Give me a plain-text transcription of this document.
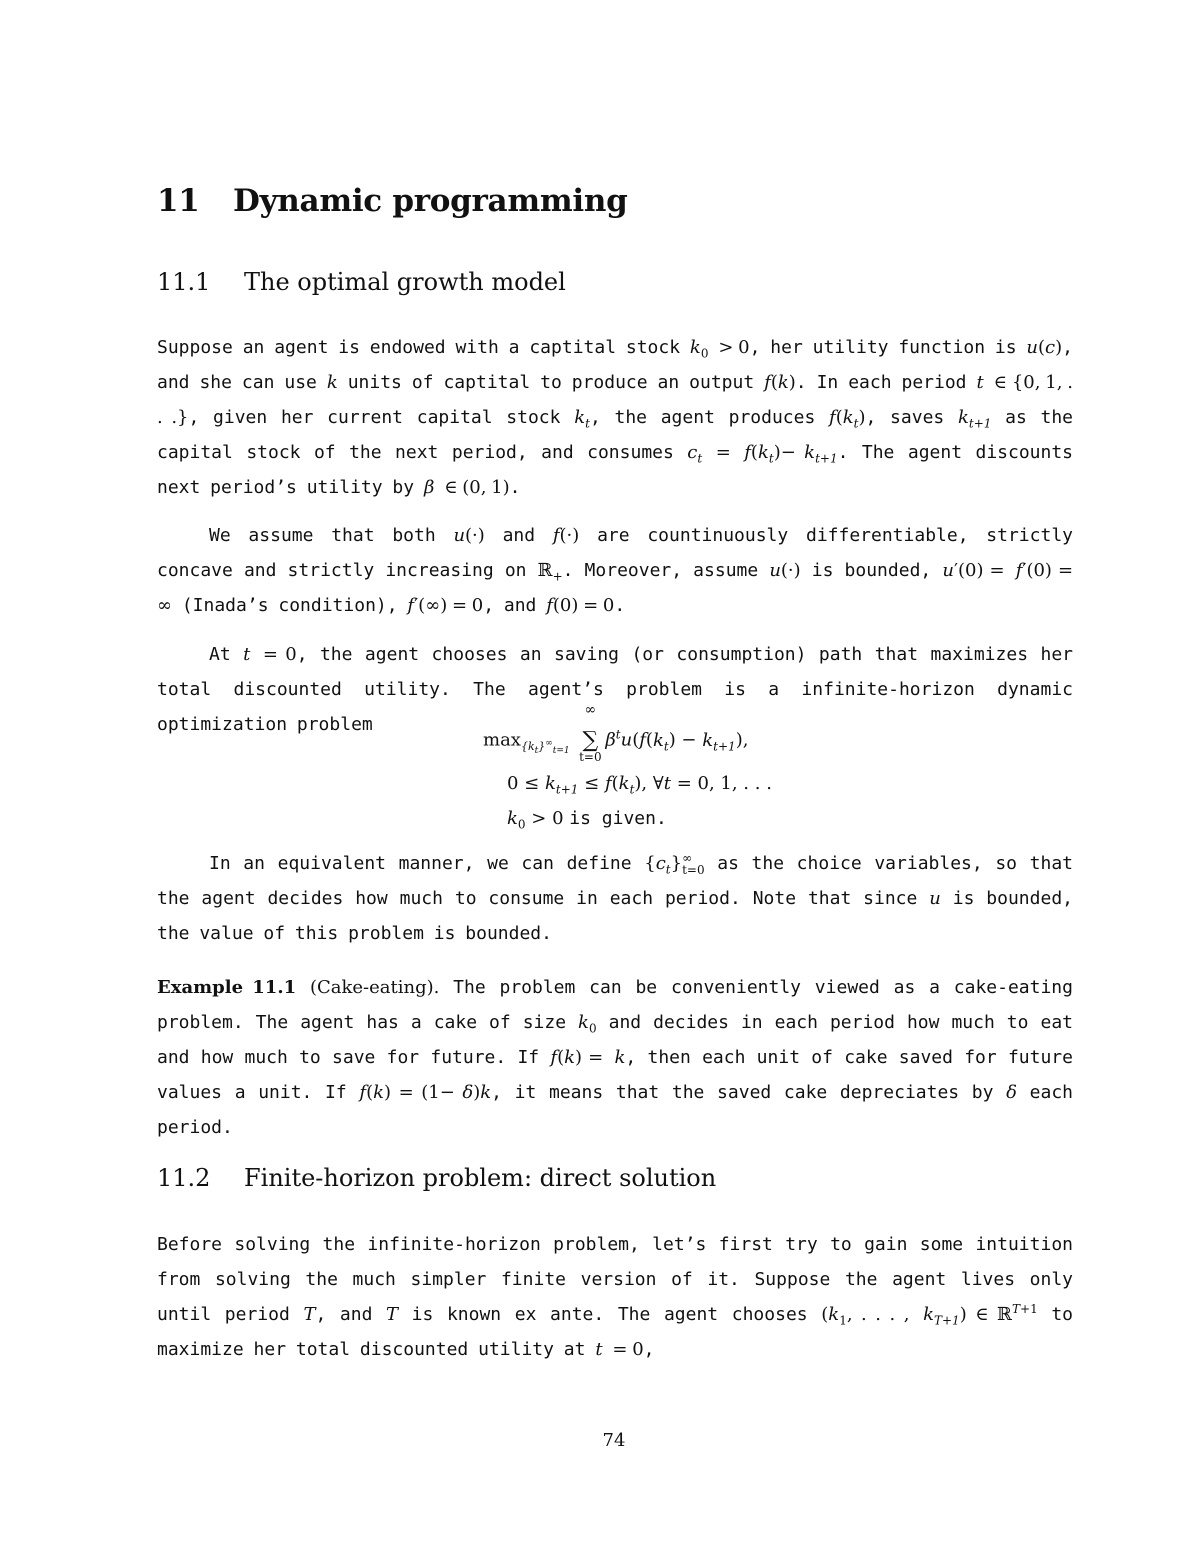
11 Dynamic programming
11.1 The optimal growth model
Suppose an agent is endowed with a captital stock $k_0 > 0$, her utility function is u(c), and she can use k units of captital to produce an output f(k). In each period t ∈ {0, 1, . . .}, given her current capital stock $k_t$, the agent produces $f(k_t)$, saves $k_{t+1}$ as the capital stock of the next period, and consumes $c_t = f(k_t)- k_{t+1}$. The agent discounts next period’s utility by β ∈ (0, 1).
We assume that both u(·) and f(·) are countinuously differentiable, strictly concave and strictly increasing on ℝ$_+$. Moreover, assume u(·) is bounded, u′(0) = f′(0) = ∞ (Inada’s condition), f′(∞) = 0, and f(0) = 0.
At t = 0, the agent chooses an saving (or consumption) path that maximizes her total discounted utility. The agent’s problem is a infinite-horizon dynamic optimization problem
$\max_{\{k_t\}^\infty_{t=1}}$
∞
∑
t=0
$\beta^tu(f(k_t) - k_{t+1})$,
$0 \le k_{t+1} \le f(k_t)$, ∀t = 0, 1, . . .
$k_0 > 0$ is given.
In an equivalent manner, we can define $\{c_t\}^\infty_{t=0}$ as the choice variables, so that the agent decides how much to consume in each period. Note that since u is bounded, the value of this problem is bounded.
Example 11.1 (Cake-eating). The problem can be conveniently viewed as a cake-eating problem. The agent has a cake of size $k_0$ and decides in each period how much to eat and how much to save for future. If f(k) = k, then each unit of cake saved for future values a unit. If f(k) = (1− δ)k, it means that the saved cake depreciates by δ each period.
11.2 Finite-horizon problem: direct solution
Before solving the infinite-horizon problem, let’s first try to gain some intuition from solving the much simpler finite version of it. Suppose the agent lives only until period T, and T is known ex ante. The agent chooses ($k_1$, . . . , $k_{T+1}$) ∈ ℝ$^{T+1}$ to maximize her total discounted utility at t = 0,
74
